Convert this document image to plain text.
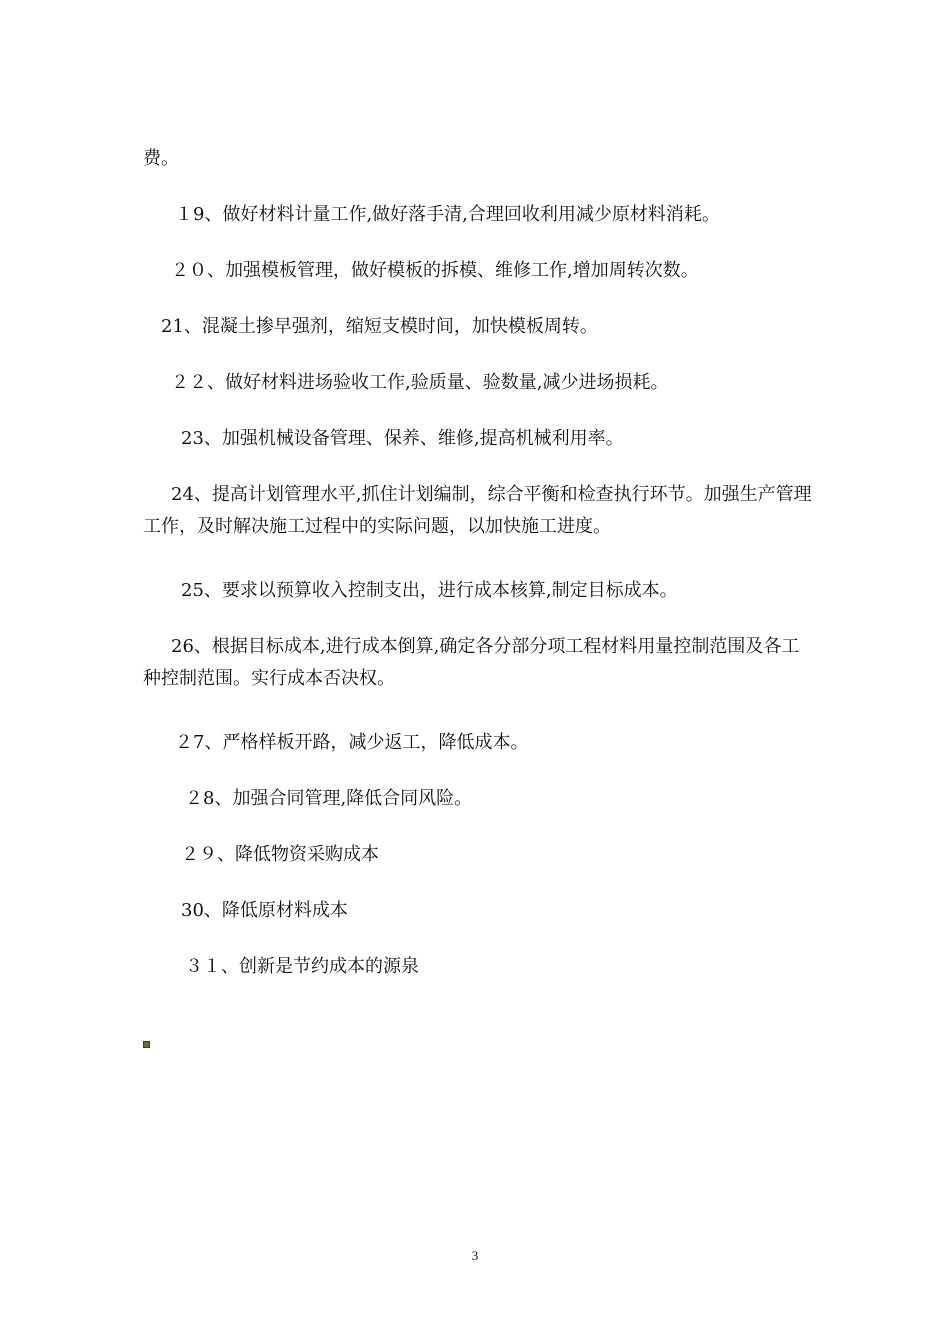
费。

１9、做好材料计量工作,做好落手清,合理回收利用减少原材料消耗。

２０、加强模板管理，做好模板的拆模、维修工作,增加周转次数。

21、混凝土掺早强剂，缩短支模时间，加快模板周转。

２２、做好材料进场验收工作,验质量、验数量,减少进场损耗。

23、加强机械设备管理、保养、维修,提高机械利用率。

24、提高计划管理水平,抓住计划编制，综合平衡和检查执行环节。加强生产管理工作，及时解决施工过程中的实际问题，以加快施工进度。

25、要求以预算收入控制支出，进行成本核算,制定目标成本。

26、根据目标成本,进行成本倒算,确定各分部分项工程材料用量控制范围及各工种控制范围。实行成本否决权。

２7、严格样板开路，减少返工，降低成本。

２8、加强合同管理,降低合同风险。

２９、降低物资采购成本

30、降低原材料成本

３１、创新是节约成本的源泉

3
